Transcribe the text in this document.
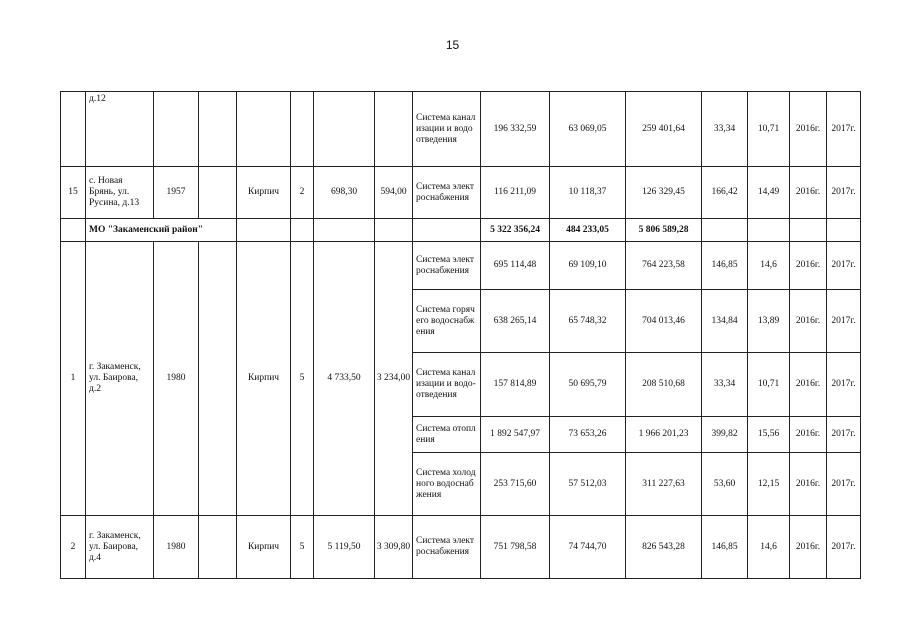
15
	д.12							Система канализации и водоотведения	196 332,59	63 069,05	259 401,64	33,34	10,71	2016г.	2017г.
15	с. Новая Брянь, ул. Русина, д.13	1957		Кирпич	2	698,30	594,00	Система электроснабжения	116 211,09	10 118,37	126 329,45	166,42	14,49	2016г.	2017г.
	МО "Закаменский район"								5 322 356,24	484 233,05	5 806 589,28				
1	г. Закаменск, ул. Баирова, д.2	1980		Кирпич	5	4 733,50	3 234,00	Система электроснабжения	695 114,48	69 109,10	764 223,58	146,85	14,6	2016г.	2017г.
								Система горячего водоснабжения	638 265,14	65 748,32	704 013,46	134,84	13,89	2016г.	2017г.
								Система канализации и водо-отведения	157 814,89	50 695,79	208 510,68	33,34	10,71	2016г.	2017г.
								Система отопления	1 892 547,97	73 653,26	1 966 201,23	399,82	15,56	2016г.	2017г.
								Система холодного водоснабжения	253 715,60	57 512,03	311 227,63	53,60	12,15	2016г.	2017г.
2	г. Закаменск, ул. Баирова, д.4	1980		Кирпич	5	5 119,50	3 309,80	Система электроснабжения	751 798,58	74 744,70	826 543,28	146,85	14,6	2016г.	2017г.
